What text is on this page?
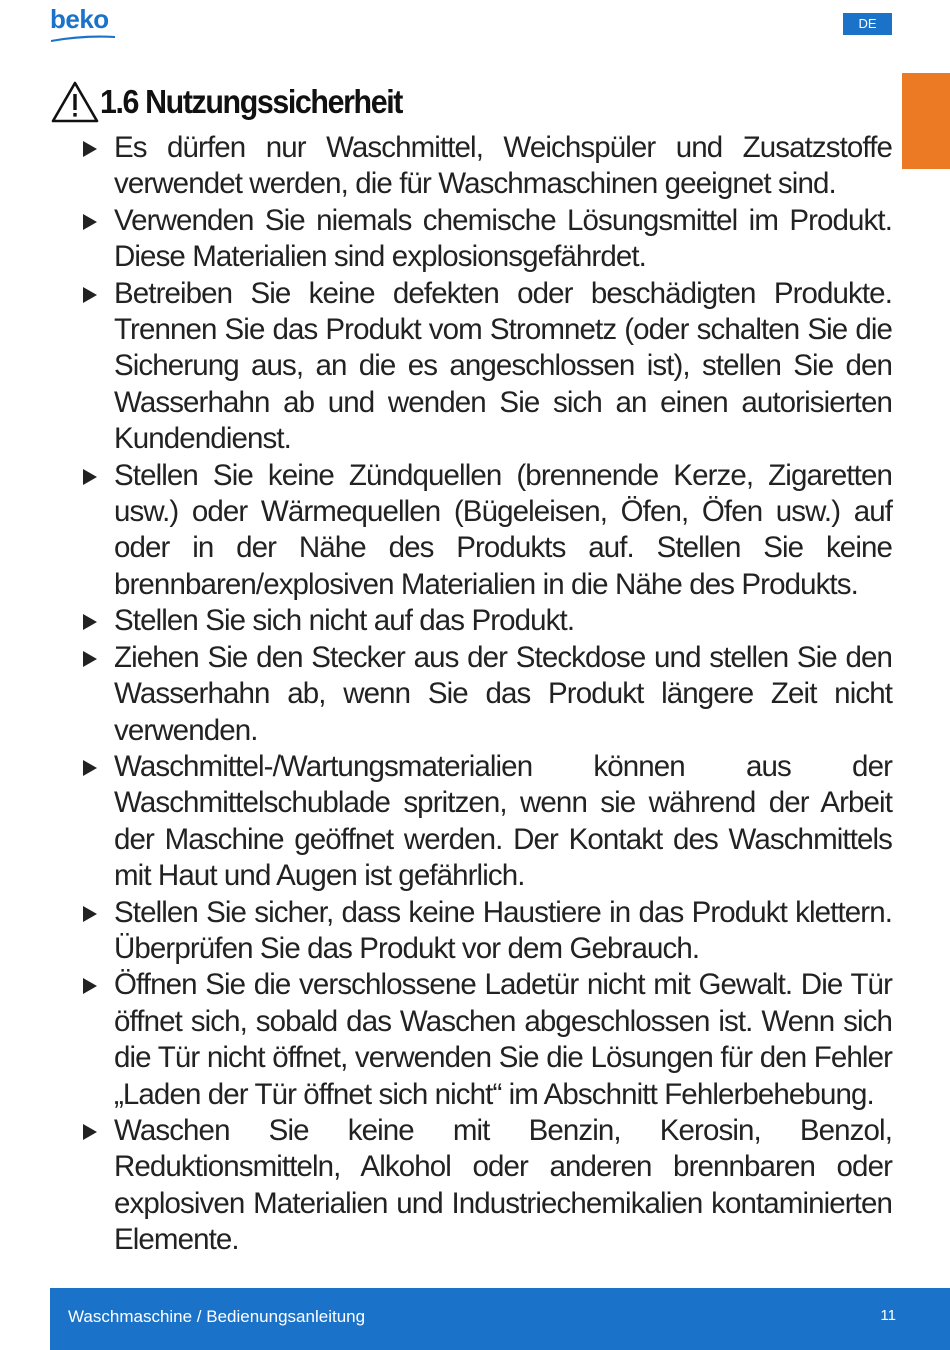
beko	DE
1.6 Nutzungssicherheit
Es dürfen nur Waschmittel, Weichspüler und Zusatzstoffe verwendet werden, die für Waschmaschinen geeignet sind.
Verwenden Sie niemals chemische Lösungsmittel im Produkt. Diese Materialien sind explosionsgefährdet.
Betreiben Sie keine defekten oder beschädigten Produkte. Trennen Sie das Produkt vom Stromnetz (oder schalten Sie die Sicherung aus, an die es angeschlossen ist), stellen Sie den Wasserhahn ab und wenden Sie sich an einen autorisierten Kundendienst.
Stellen Sie keine Zündquellen (brennende Kerze, Zigaretten usw.) oder Wärmequellen (Bügeleisen, Öfen, Öfen usw.) auf oder in der Nähe des Produkts auf. Stellen Sie keine brennbaren/explosiven Materialien in die Nähe des Produkts.
Stellen Sie sich nicht auf das Produkt.
Ziehen Sie den Stecker aus der Steckdose und stellen Sie den Wasserhahn ab, wenn Sie das Produkt längere Zeit nicht verwenden.
Waschmittel-/Wartungsmaterialien können aus der Waschmittelschublade spritzen, wenn sie während der Arbeit der Maschine geöffnet werden. Der Kontakt des Waschmittels mit Haut und Augen ist gefährlich.
Stellen Sie sicher, dass keine Haustiere in das Produkt klettern. Überprüfen Sie das Produkt vor dem Gebrauch.
Öffnen Sie die verschlossene Ladetür nicht mit Gewalt. Die Tür öffnet sich, sobald das Waschen abgeschlossen ist. Wenn sich die Tür nicht öffnet, verwenden Sie die Lösungen für den Fehler „Laden der Tür öffnet sich nicht“ im Abschnitt Fehlerbehebung.
Waschen Sie keine mit Benzin, Kerosin, Benzol, Reduktionsmitteln, Alkohol oder anderen brennbaren oder explosiven Materialien und Industriechemikalien kontaminierten Elemente.
Waschmaschine / Bedienungsanleitung	11
